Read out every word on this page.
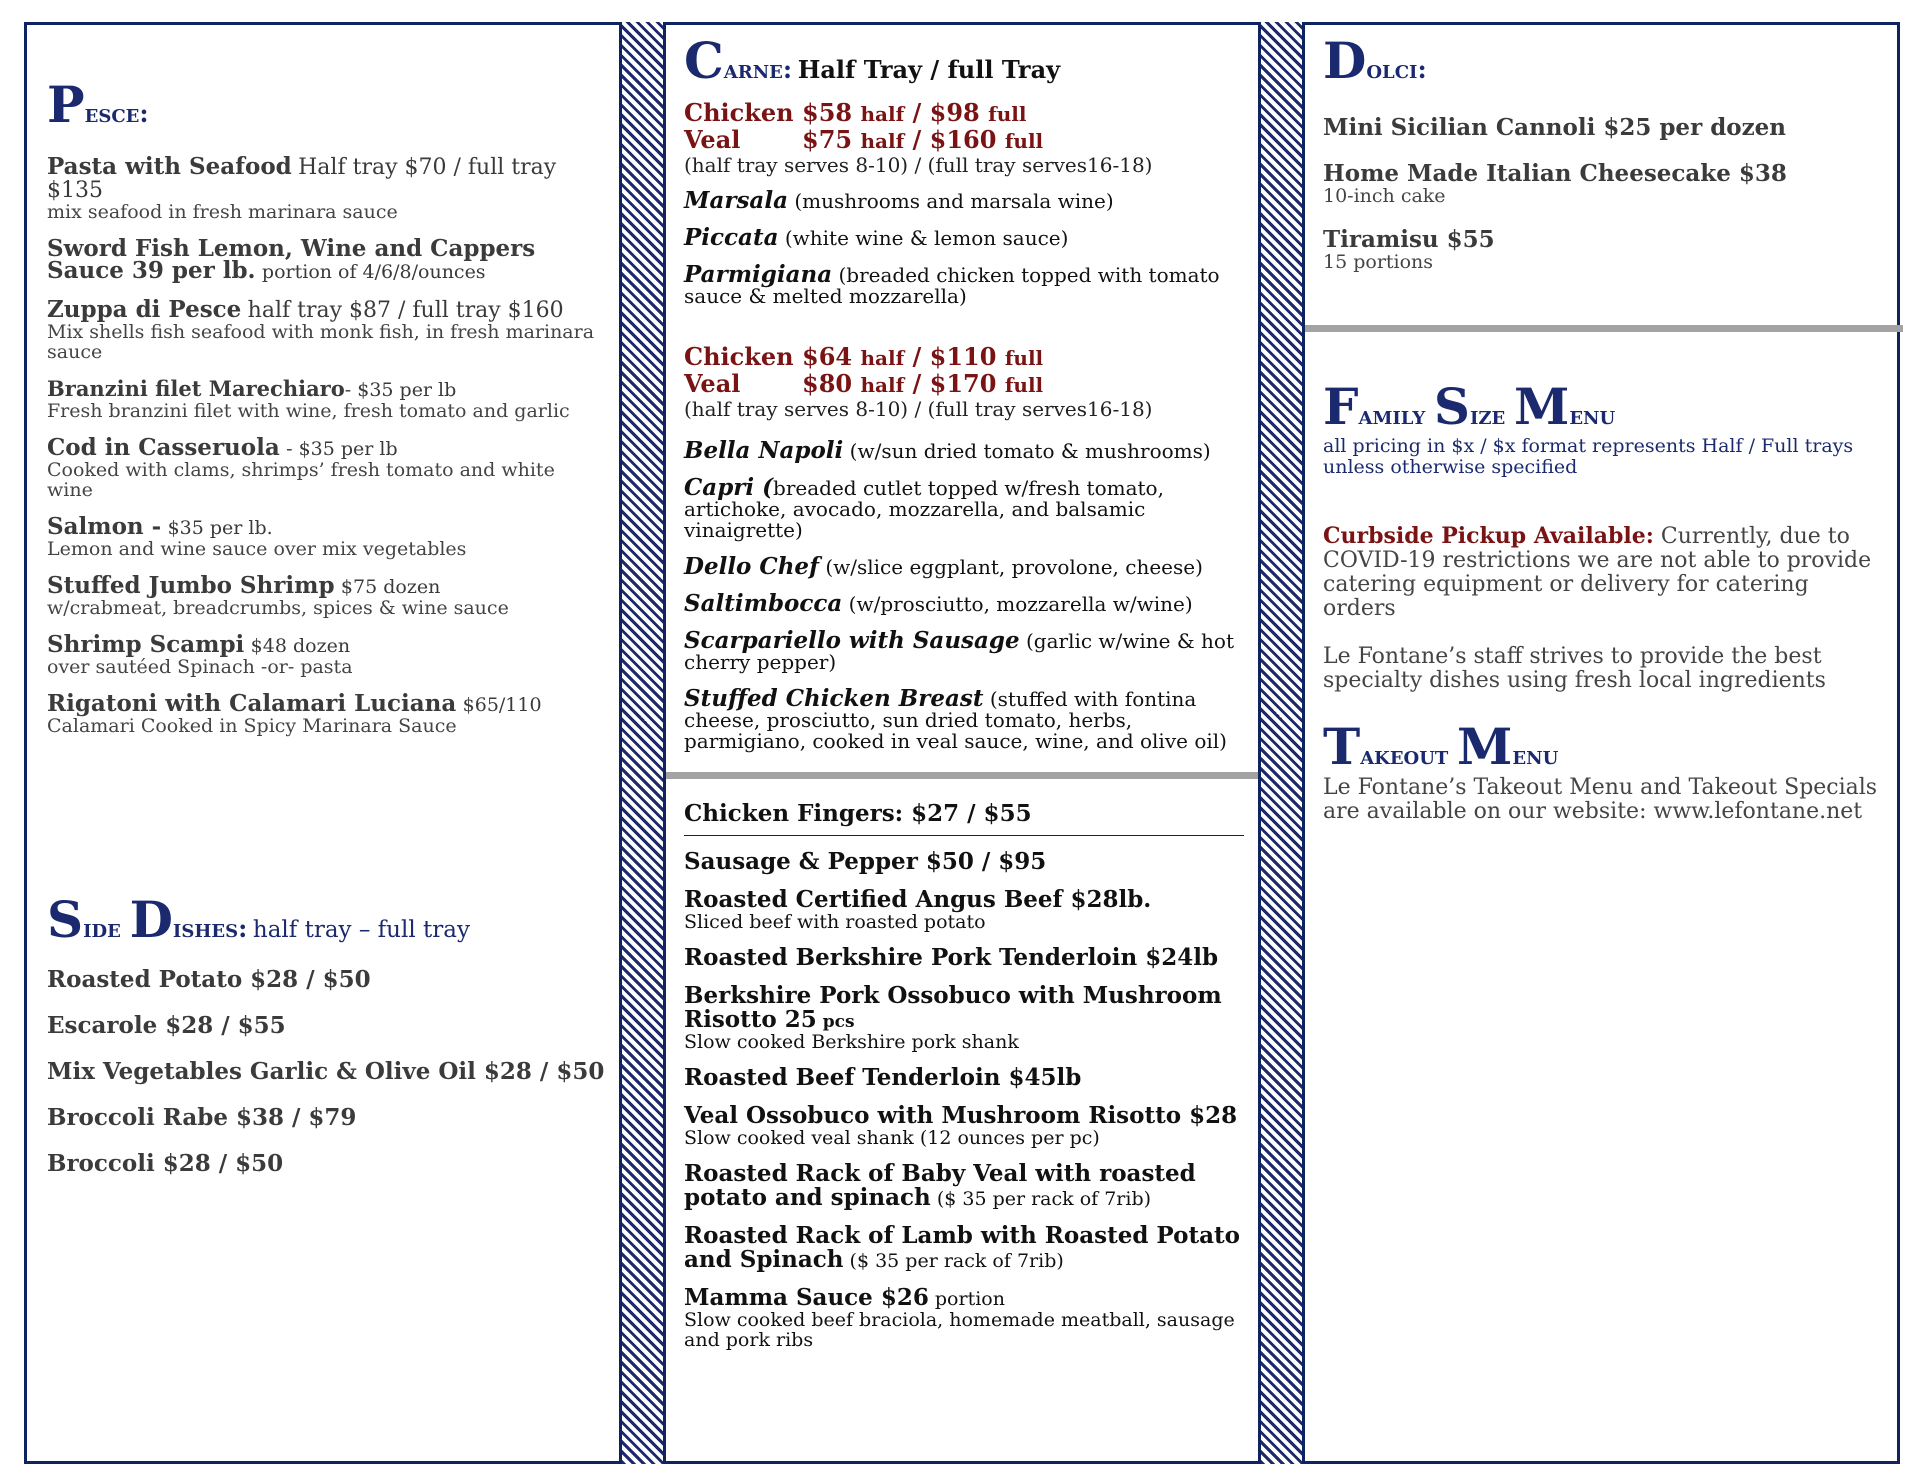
Pesce:
Pasta with Seafood Half tray $70 / full tray $135
mix seafood in fresh marinara sauce
Sword Fish Lemon, Wine and Cappers Sauce 39 per lb. portion of 4/6/8/ounces
Zuppa di Pesce half tray $87 / full tray $160
Mix shells fish seafood with monk fish, in fresh marinara sauce
Branzini filet Marechiaro- $35 per lb
Fresh branzini filet with wine, fresh tomato and garlic
Cod in Casseruola - $35 per lb
Cooked with clams, shrimps’ fresh tomato and white wine
Salmon - $35 per lb.
Lemon and wine sauce over mix vegetables
Stuffed Jumbo Shrimp $75 dozen
w/crabmeat, breadcrumbs, spices & wine sauce
Shrimp Scampi $48 dozen
over sautéed Spinach -or- pasta
Rigatoni with Calamari Luciana $65/110
Calamari Cooked in Spicy Marinara Sauce
Side Dishes: half tray – full tray
Roasted Potato $28 / $50
Escarole $28 / $55
Mix Vegetables Garlic & Olive Oil $28 / $50
Broccoli Rabe $38 / $79
Broccoli $28 / $50
Carne: Half Tray / full Tray
Chicken $58 half / $98 full
Veal	$75 half / $160 full
(half tray serves 8-10) / (full tray serves16-18)
Marsala (mushrooms and marsala wine)
Piccata (white wine & lemon sauce)
Parmigiana (breaded chicken topped with tomato sauce & melted mozzarella)
Chicken $64 half / $110 full
Veal	$80 half / $170 full
(half tray serves 8-10) / (full tray serves16-18)
Bella Napoli (w/sun dried tomato & mushrooms)
Capri (breaded cutlet topped w/fresh tomato, artichoke, avocado, mozzarella, and balsamic vinaigrette)
Dello Chef (w/slice eggplant, provolone, cheese)
Saltimbocca (w/prosciutto, mozzarella w/wine)
Scarpariello with Sausage (garlic w/wine & hot cherry pepper)
Stuffed Chicken Breast (stuffed with fontina cheese, prosciutto, sun dried tomato, herbs, parmigiano, cooked in veal sauce, wine, and olive oil)
Chicken Fingers: $27 / $55
Sausage & Pepper $50 / $95
Roasted Certified Angus Beef $28lb.
Sliced beef with roasted potato
Roasted Berkshire Pork Tenderloin $24lb
Berkshire Pork Ossobuco with Mushroom Risotto 25 pcs
Slow cooked Berkshire pork shank
Roasted Beef Tenderloin $45lb
Veal Ossobuco with Mushroom Risotto $28
Slow cooked veal shank (12 ounces per pc)
Roasted Rack of Baby Veal with roasted potato and spinach ($ 35 per rack of 7rib)
Roasted Rack of Lamb with Roasted Potato and Spinach ($ 35 per rack of 7rib)
Mamma Sauce $26 portion
Slow cooked beef braciola, homemade meatball, sausage and pork ribs
Dolci:
Mini Sicilian Cannoli $25 per dozen
Home Made Italian Cheesecake $38
10-inch cake
Tiramisu $55
15 portions
Family Size Menu
all pricing in $x / $x format represents Half / Full trays unless otherwise specified
Curbside Pickup Available: Currently, due to COVID-19 restrictions we are not able to provide catering equipment or delivery for catering orders
Le Fontane’s staff strives to provide the best specialty dishes using fresh local ingredients
Takeout Menu
Le Fontane’s Takeout Menu and Takeout Specials are available on our website: www.lefontane.net
